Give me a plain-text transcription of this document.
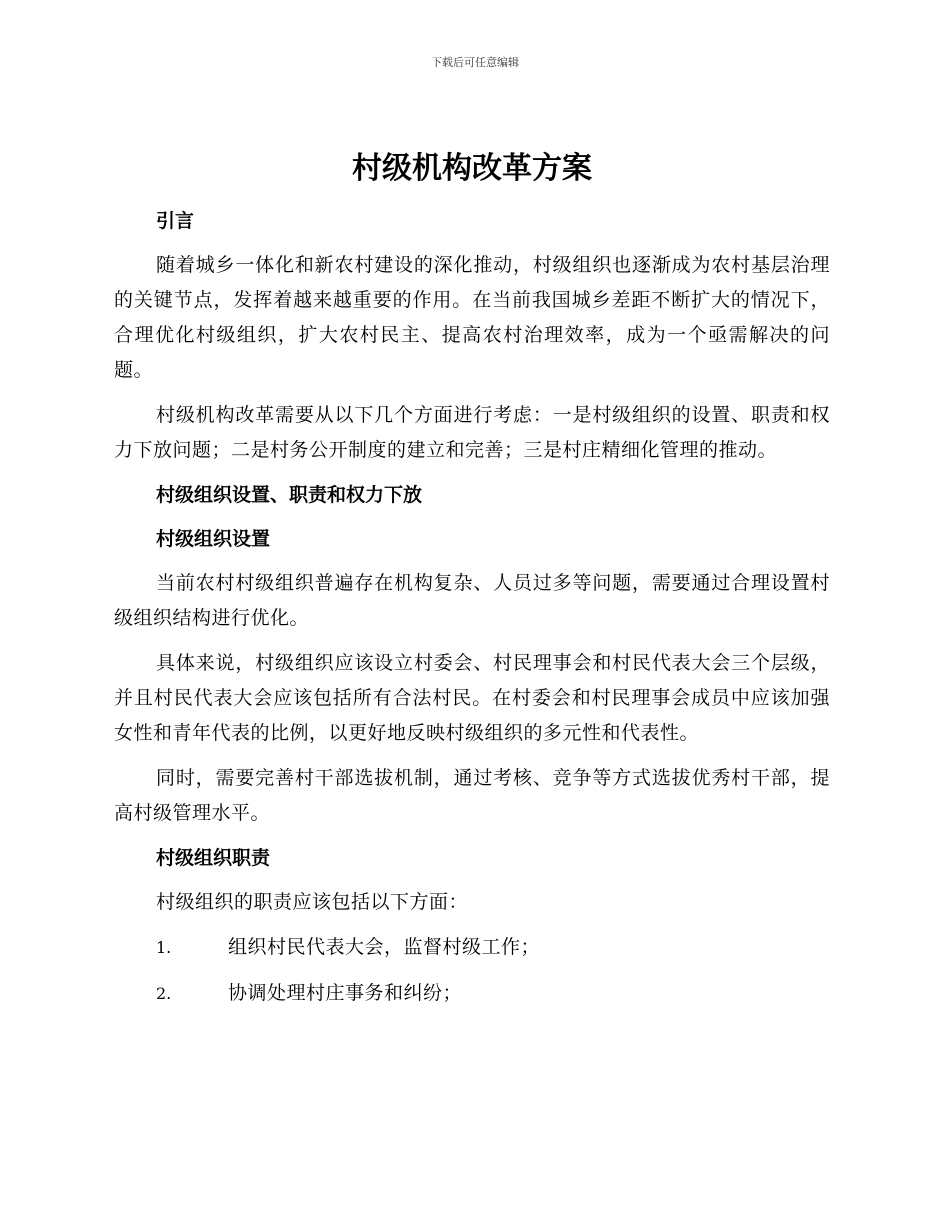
下载后可任意编辑
村级机构改革方案
引言

随着城乡一体化和新农村建设的深化推动，村级组织也逐渐成为农村基层治理的关键节点，发挥着越来越重要的作用。在当前我国城乡差距不断扩大的情况下，合理优化村级组织，扩大农村民主、提高农村治理效率，成为一个亟需解决的问题。

村级机构改革需要从以下几个方面进行考虑：一是村级组织的设置、职责和权力下放问题；二是村务公开制度的建立和完善；三是村庄精细化管理的推动。

村级组织设置、职责和权力下放
村级组织设置

当前农村村级组织普遍存在机构复杂、人员过多等问题，需要通过合理设置村级组织结构进行优化。

具体来说，村级组织应该设立村委会、村民理事会和村民代表大会三个层级，并且村民代表大会应该包括所有合法村民。在村委会和村民理事会成员中应该加强女性和青年代表的比例，以更好地反映村级组织的多元性和代表性。

同时，需要完善村干部选拔机制，通过考核、竞争等方式选拔优秀村干部，提高村级管理水平。

村级组织职责

村级组织的职责应该包括以下方面：

1.	组织村民代表大会，监督村级工作；
2.	协调处理村庄事务和纠纷；
